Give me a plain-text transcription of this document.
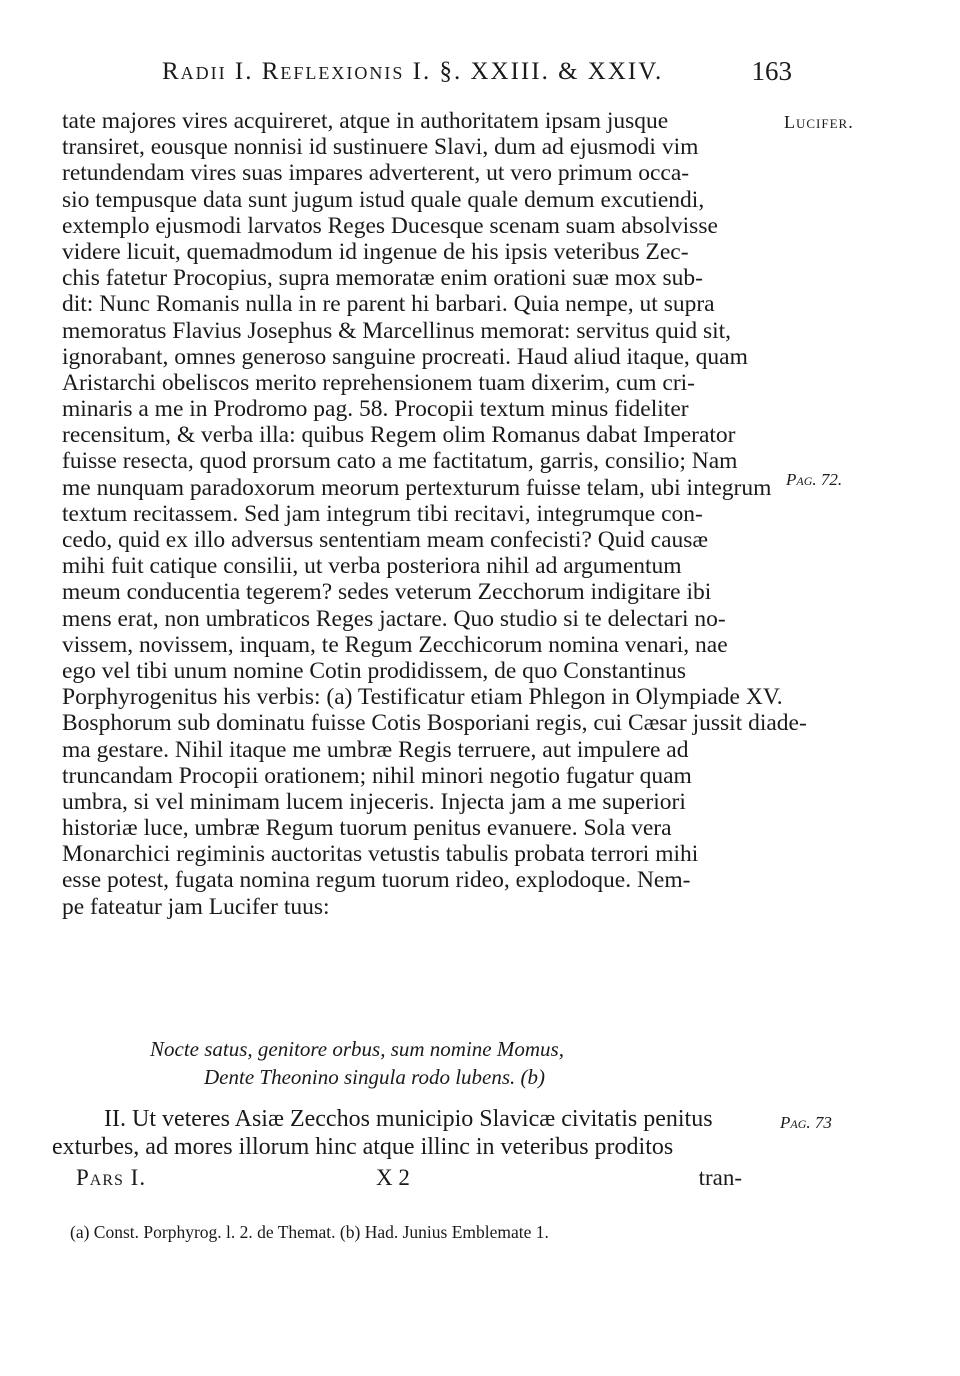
Radii I. Reflexionis I. §. XXIII. & XXIV.	163
Lucifer.
Pag. 72.
Pag. 73
tate majores vires acquireret, atque in authoritatem ipsam jusque
transiret, eousque nonnisi id sustinuere Slavi, dum ad ejusmodi vim
retundendam vires suas impares adverterent, ut vero primum occa-
sio tempusque data sunt jugum istud quale quale demum excutiendi,
extemplo ejusmodi larvatos Reges Ducesque scenam suam absolvisse
videre licuit, quemadmodum id ingenue de his ipsis veteribus Zec-
chis fatetur Procopius, supra memoratæ enim orationi suæ mox sub-
dit: Nunc Romanis nulla in re parent hi barbari. Quia nempe, ut supra
memoratus Flavius Josephus & Marcellinus memorat: servitus quid sit,
ignorabant, omnes generoso sanguine procreati. Haud aliud itaque, quam
Aristarchi obeliscos merito reprehensionem tuam dixerim, cum cri-
minaris a me in Prodromo pag. 58. Procopii textum minus fideliter
recensitum, & verba illa: quibus Regem olim Romanus dabat Imperator
fuisse resecta, quod prorsum cato a me factitatum, garris, consilio; Nam
me nunquam paradoxorum meorum pertexturum fuisse telam, ubi integrum
textum recitassem. Sed jam integrum tibi recitavi, integrumque con-
cedo, quid ex illo adversus sententiam meam confecisti? Quid causæ
mihi fuit catique consilii, ut verba posteriora nihil ad argumentum
meum conducentia tegerem? sedes veterum Zecchorum indigitare ibi
mens erat, non umbraticos Reges jactare. Quo studio si te delectari no-
vissem, novissem, inquam, te Regum Zecchicorum nomina venari, nae
ego vel tibi unum nomine Cotin prodidissem, de quo Constantinus
Porphyrogenitus his verbis: (a) Testificatur etiam Phlegon in Olympiade XV.
Bosphorum sub dominatu fuisse Cotis Bosporiani regis, cui Cæsar jussit diade-
ma gestare. Nihil itaque me umbræ Regis terruere, aut impulere ad
truncandam Procopii orationem; nihil minori negotio fugatur quam
umbra, si vel minimam lucem injeceris. Injecta jam a me superiori
historiæ luce, umbræ Regum tuorum penitus evanuere. Sola vera
Monarchici regiminis auctoritas vetustis tabulis probata terrori mihi
esse potest, fugata nomina regum tuorum rideo, explodoque. Nem-
pe fateatur jam Lucifer tuus:
Nocte satus, genitore orbus, sum nomine Momus,
Dente Theonino singula rodo lubens. (b)
II. Ut veteres Asiæ Zecchos municipio Slavicæ civitatis penitus
exturbes, ad mores illorum hinc atque illinc in veteribus proditos
Pars I.	X 2	tran-
(a) Const. Porphyrog. l. 2. de Themat. (b) Had. Junius Emblemate 1.
